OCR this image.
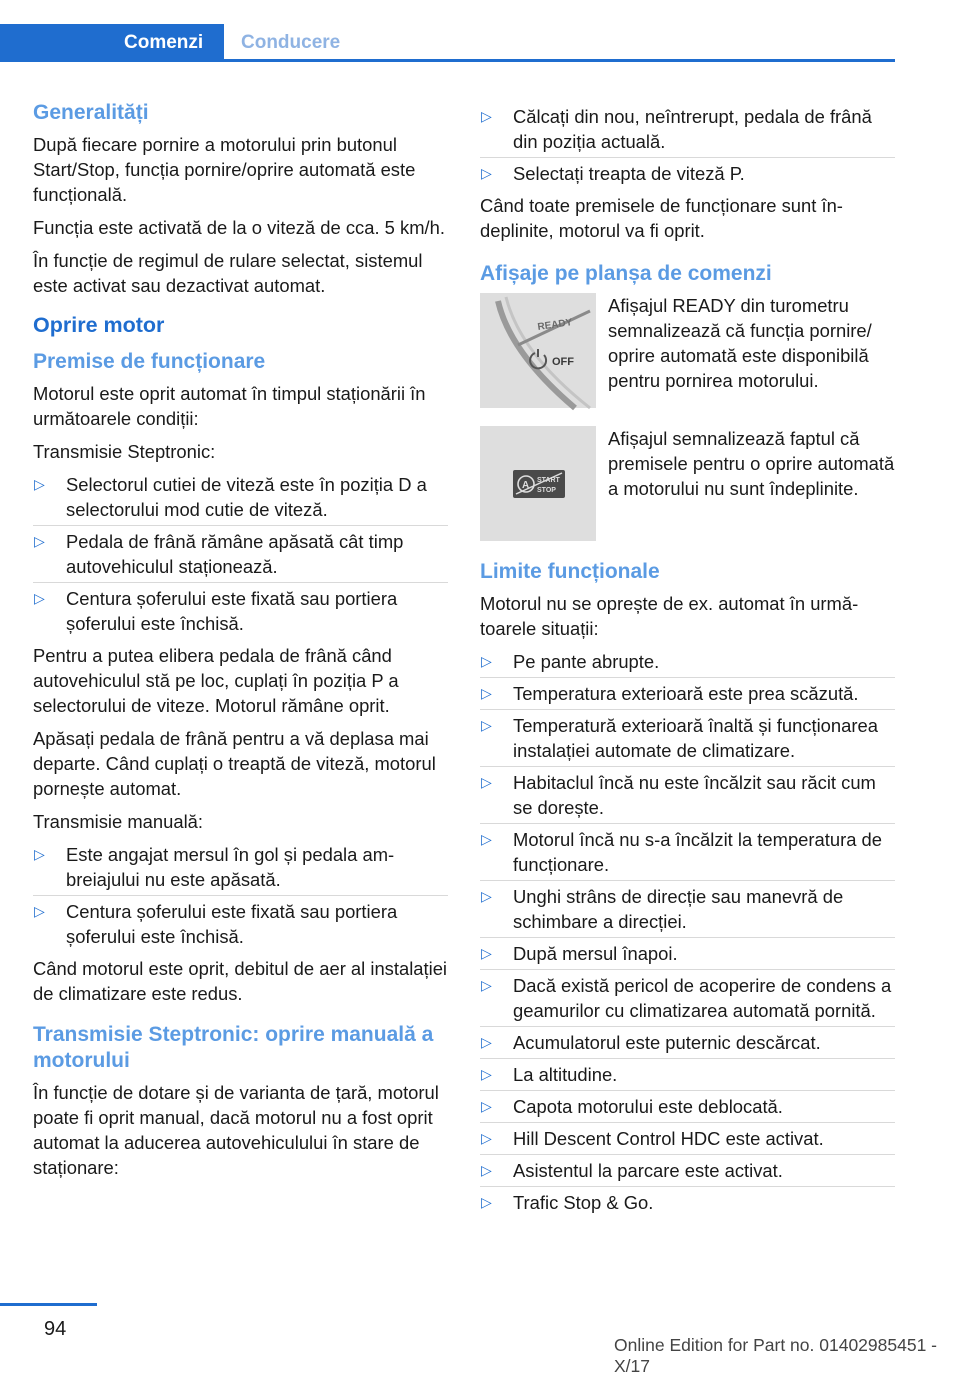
Comenzi	Conducere
Generalități

După fiecare pornire a motorului prin butonul Start/Stop, funcția pornire/oprire automată este funcțională.

Funcția este activată de la o viteză de cca. 5 km/h.

În funcție de regimul de rulare selectat, sistemul este activat sau dezactivat automat.

Oprire motor
Premise de funcționare

Motorul este oprit automat în timpul staționării în următoarele condiții:

Transmisie Steptronic:

▷ Selectorul cutiei de viteză este în poziția D a selectorului mod cutie de viteză.
▷ Pedala de frână rămâne apăsată cât timp autovehiculul staționează.
▷ Centura șoferului este fixată sau portiera șoferului este închisă.

Pentru a putea elibera pedala de frână când autovehiculul stă pe loc, cuplați în poziția P a selectorului de viteze. Motorul rămâne oprit.

Apăsați pedala de frână pentru a vă deplasa mai departe. Când cuplați o treaptă de viteză, motorul pornește automat.

Transmisie manuală:

▷ Este angajat mersul în gol și pedala ambreiajului nu este apăsată.
▷ Centura șoferului este fixată sau portiera șoferului este închisă.

Când motorul este oprit, debitul de aer al instalației de climatizare este redus.

Transmisie Steptronic: oprire manuală a motorului

În funcție de dotare și de varianta de țară, motorul poate fi oprit manual, dacă motorul nu a fost oprit automat la aducerea autovehiculului în stare de staționare:

▷ Călcați din nou, neîntrerupt, pedala de frână din poziția actuală.
▷ Selectați treapta de viteză P.

Când toate premisele de funcționare sunt îndeplinite, motorul va fi oprit.

Afișaje pe planșa de comenzi
READY
OFF
Afișajul READY din turometru semnalizează că funcția pornire/ oprire automată este disponibilă pentru pornirea motorului.
A START
STOP
Afișajul semnalizează faptul că premisele pentru o oprire automată a motorului nu sunt îndeplinite.
Limite funcționale

Motorul nu se oprește de ex. automat în următoarele situații:

▷ Pe pante abrupte.
▷ Temperatura exterioară este prea scăzută.
▷ Temperatură exterioară înaltă și funcționarea instalației automate de climatizare.
▷ Habitaclul încă nu este încălzit sau răcit cum se dorește.
▷ Motorul încă nu s-a încălzit la temperatura de funcționare.
▷ Unghi strâns de direcție sau manevră de schimbare a direcției.
▷ După mersul înapoi.
▷ Dacă există pericol de acoperire de condens a geamurilor cu climatizarea automată pornită.
▷ Acumulatorul este puternic descărcat.
▷ La altitudine.
▷ Capota motorului este deblocată.
▷ Hill Descent Control HDC este activat.
▷ Asistentul la parcare este activat.
▷ Trafic Stop & Go.
94
Online Edition for Part no. 01402985451 - X/17
